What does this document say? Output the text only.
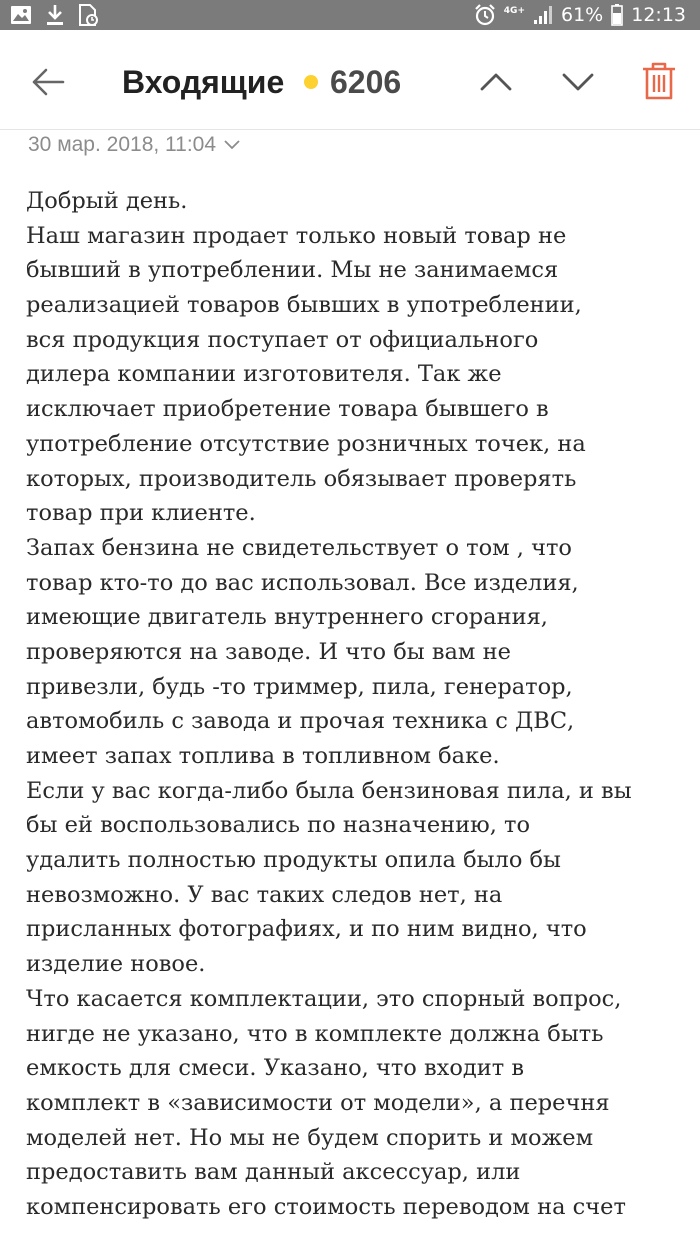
4G+ 61% 12:13
Входящие 6206
30 мар. 2018, 11:04
Добрый день.
Наш магазин продает только новый товар не
бывший в употреблении. Мы не занимаемся
реализацией товаров бывших в употреблении,
вся продукция поступает от официального
дилера компании изготовителя. Так же
исключает приобретение товара бывшего в
употребление отсутствие розничных точек, на
которых, производитель обязывает проверять
товар при клиенте.
Запах бензина не свидетельствует о том , что
товар кто-то до вас использовал. Все изделия,
имеющие двигатель внутреннего сгорания,
проверяются на заводе. И что бы вам не
привезли, будь -то триммер, пила, генератор,
автомобиль с завода и прочая техника с ДВС,
имеет запах топлива в топливном баке.
Если у вас когда-либо была бензиновая пила, и вы
бы ей воспользовались по назначению, то
удалить полностью продукты опила было бы
невозможно. У вас таких следов нет, на
присланных фотографиях, и по ним видно, что
изделие новое.
Что касается комплектации, это спорный вопрос,
нигде не указано, что в комплекте должна быть
емкость для смеси. Указано, что входит в
комплект в «зависимости от модели», а перечня
моделей нет. Но мы не будем спорить и можем
предоставить вам данный аксессуар, или
компенсировать его стоимость переводом на счет
